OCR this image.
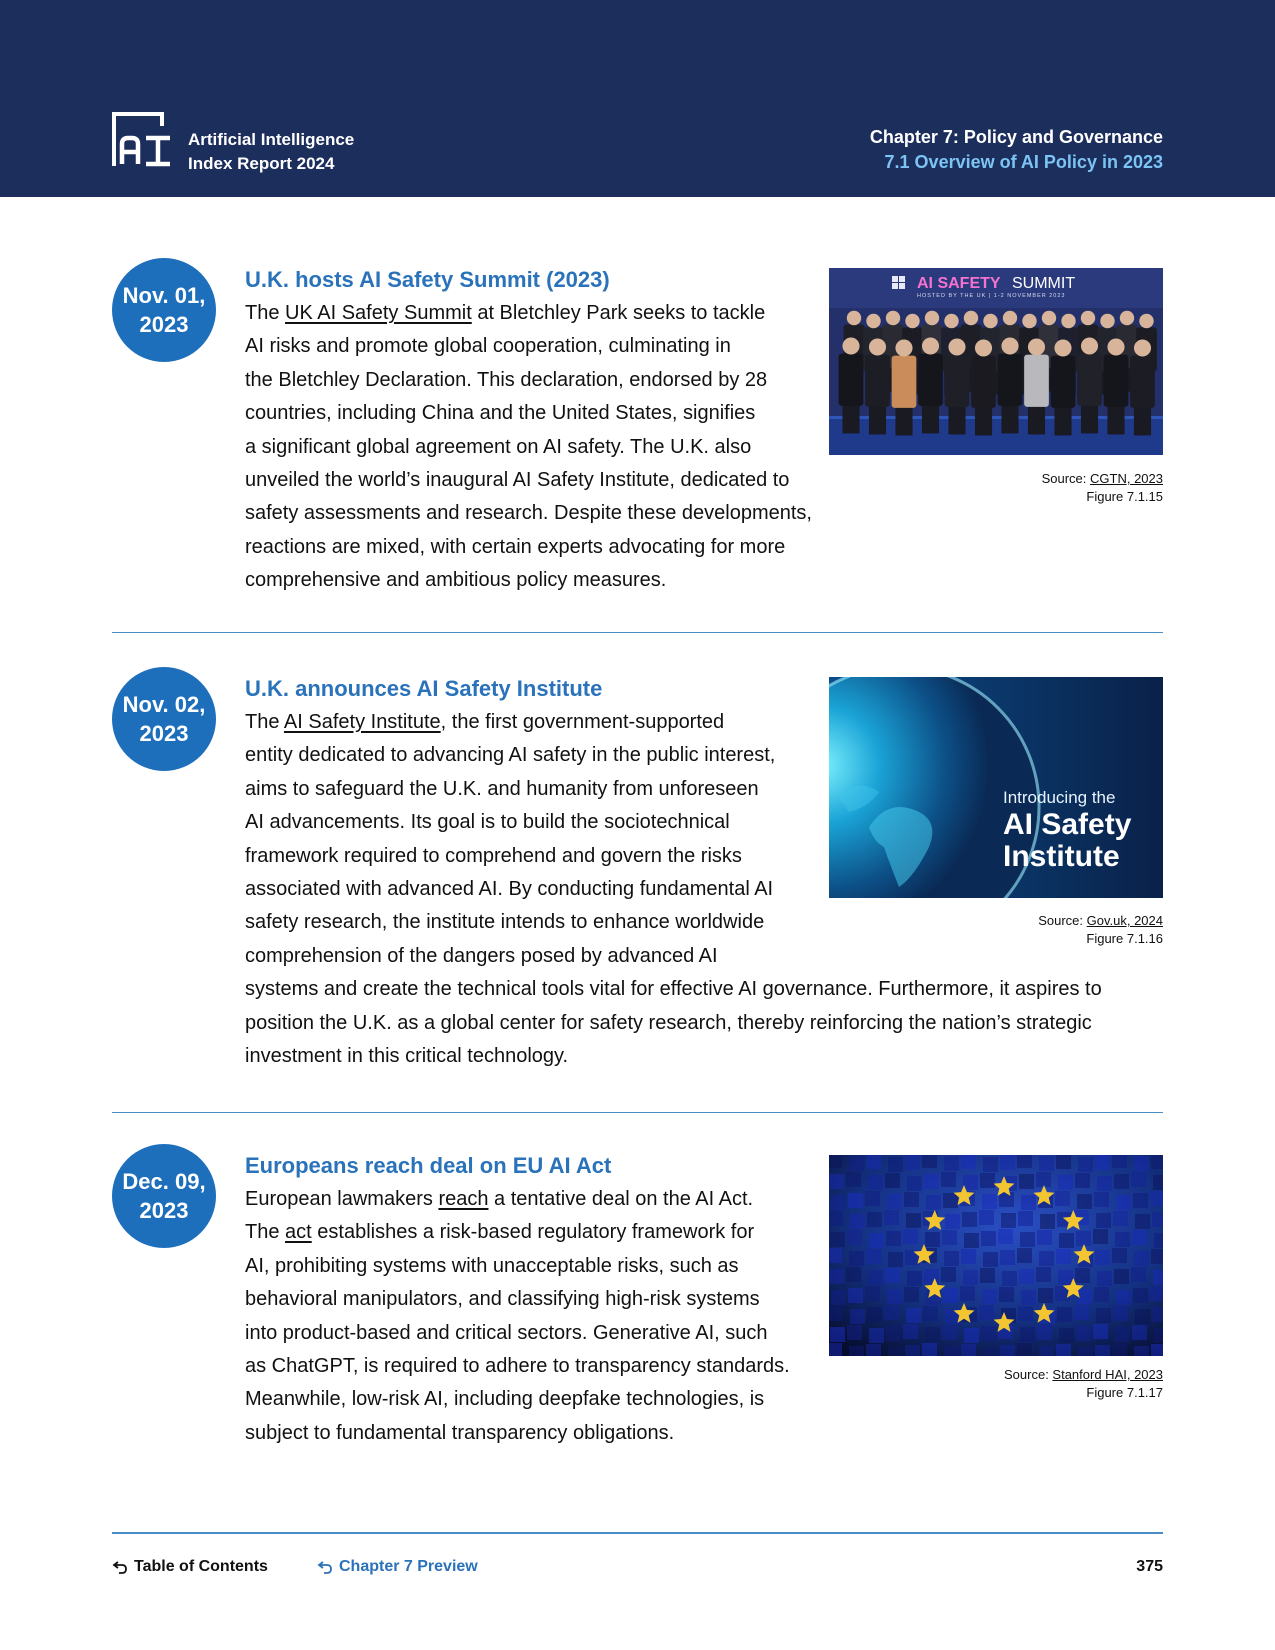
Artificial Intelligence
Index Report 2024
Chapter 7: Policy and Governance
7.1 Overview of AI Policy in 2023
Nov. 01,
2023
U.K. hosts AI Safety Summit (2023)

The UK AI Safety Summit at Bletchley Park seeks to tackle

AI risks and promote global cooperation, culminating in

the Bletchley Declaration. This declaration, endorsed by 28

countries, including China and the United States, signifies

a significant global agreement on AI safety. The U.K. also

unveiled the world’s inaugural AI Safety Institute, dedicated to

safety assessments and research. Despite these developments,

reactions are mixed, with certain experts advocating for more

comprehensive and ambitious policy measures.

AI SAFETY SUMMIT
HOSTED BY THE UK | 1-2 NOVEMBER 2023
Source: CGTN, 2023
Figure 7.1.15
Nov. 02,
2023
U.K. announces AI Safety Institute

The AI Safety Institute, the first government-supported

entity dedicated to advancing AI safety in the public interest,

aims to safeguard the U.K. and humanity from unforeseen

AI advancements. Its goal is to build the sociotechnical

framework required to comprehend and govern the risks

associated with advanced AI. By conducting fundamental AI

safety research, the institute intends to enhance worldwide

comprehension of the dangers posed by advanced AI

systems and create the technical tools vital for effective AI governance. Furthermore, it aspires to

position the U.K. as a global center for safety research, thereby reinforcing the nation’s strategic

investment in this critical technology.

Introducing the
AI Safety
Institute
Source: Gov.uk, 2024
Figure 7.1.16
Dec. 09,
2023
Europeans reach deal on EU AI Act

European lawmakers reach a tentative deal on the AI Act.

The act establishes a risk-based regulatory framework for

AI, prohibiting systems with unacceptable risks, such as

behavioral manipulators, and classifying high-risk systems

into product-based and critical sectors. Generative AI, such

as ChatGPT, is required to adhere to transparency standards.

Meanwhile, low-risk AI, including deepfake technologies, is

subject to fundamental transparency obligations.

Source: Stanford HAI, 2023
Figure 7.1.17
Table of Contents	Chapter 7 Preview	375
